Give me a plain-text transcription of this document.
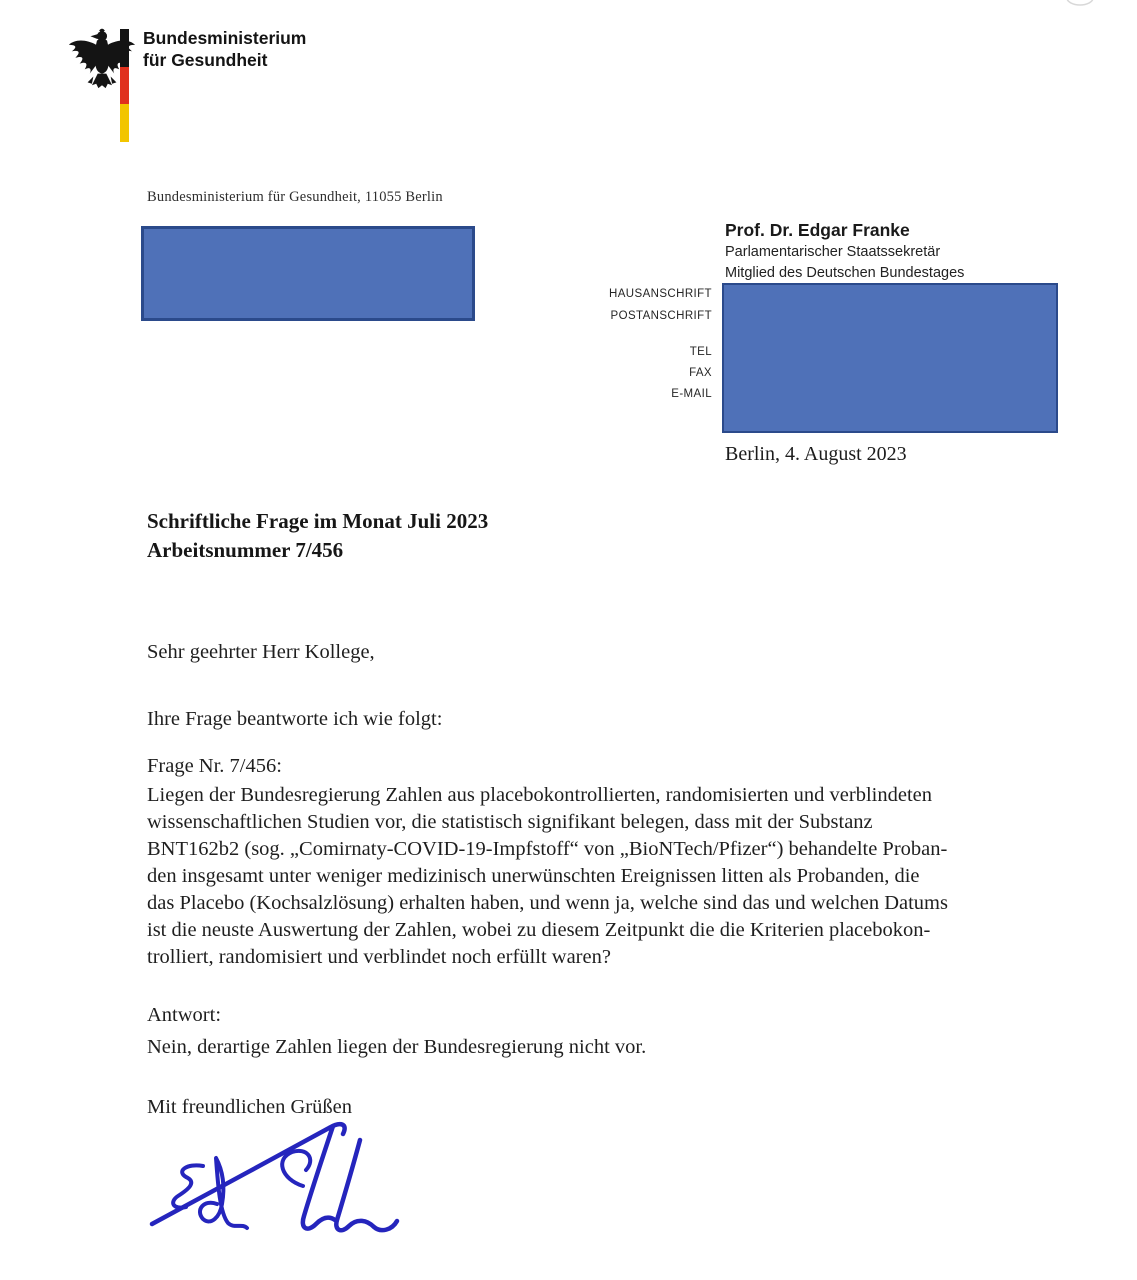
Bundesministerium
für Gesundheit
Bundesministerium für Gesundheit, 11055 Berlin
Prof. Dr. Edgar Franke
Parlamentarischer Staatssekretär
Mitglied des Deutschen Bundestages
HAUSANSCHRIFT
POSTANSCHRIFT
TEL
FAX
E-MAIL
Berlin, 4. August 2023
Schriftliche Frage im Monat Juli 2023
Arbeitsnummer 7/456
Sehr geehrter Herr Kollege,
Ihre Frage beantworte ich wie folgt:
Frage Nr. 7/456:
Liegen der Bundesregierung Zahlen aus placebokontrollierten, randomisierten und verblindeten
wissenschaftlichen Studien vor, die statistisch signifikant belegen, dass mit der Substanz
BNT162b2 (sog. „Comirnaty-COVID-19-Impfstoff“ von „BioNTech/Pfizer“) behandelte Proban-
den insgesamt unter weniger medizinisch unerwünschten Ereignissen litten als Probanden, die
das Placebo (Kochsalzlösung) erhalten haben, und wenn ja, welche sind das und welchen Datums
ist die neuste Auswertung der Zahlen, wobei zu diesem Zeitpunkt die die Kriterien placebokon-
trolliert, randomisiert und verblindet noch erfüllt waren?
Antwort:
Nein, derartige Zahlen liegen der Bundesregierung nicht vor.
Mit freundlichen Grüßen
